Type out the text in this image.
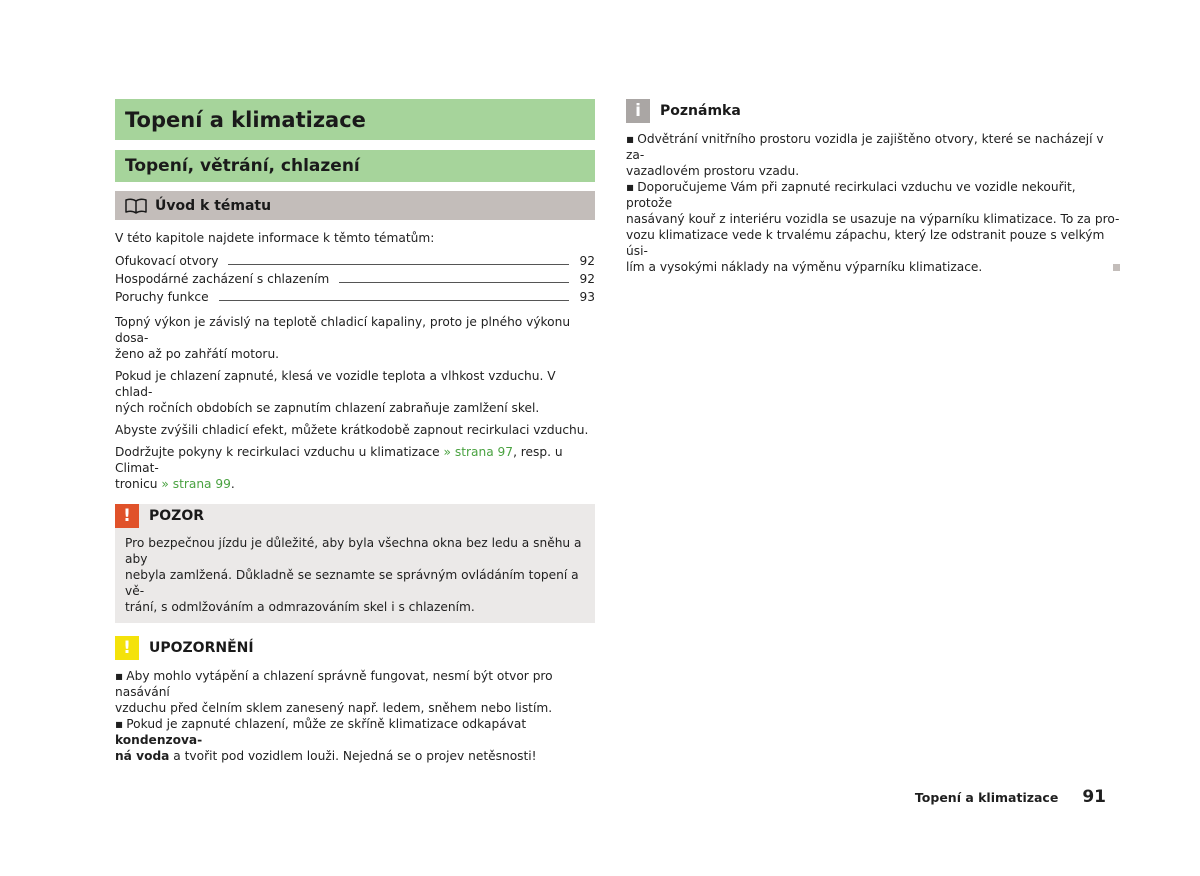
Topení a klimatizace
Topení, větrání, chlazení
Úvod k tématu

V této kapitole najdete informace k těmto tématům:

Ofukovací otvory	92
Hospodárné zacházení s chlazením	92
Poruchy funkce	93

Topný výkon je závislý na teplotě chladicí kapaliny, proto je plného výkonu dosa-
ženo až po zahřátí motoru.

Pokud je chlazení zapnuté, klesá ve vozidle teplota a vlhkost vzduchu. V chlad-
ných ročních obdobích se zapnutím chlazení zabraňuje zamlžení skel.

Abyste zvýšili chladicí efekt, můžete krátkodobě zapnout recirkulaci vzduchu.

Dodržujte pokyny k recirkulaci vzduchu u klimatizace » strana 97, resp. u Climat-
tronicu » strana 99.

!	POZOR

Pro bezpečnou jízdu je důležité, aby byla všechna okna bez ledu a sněhu a aby
nebyla zamlžená. Důkladně se seznamte se správným ovládáním topení a vě-
trání, s odmlžováním a odmrazováním skel i s chlazením.

!	UPOZORNĚNÍ

▪ Aby mohlo vytápění a chlazení správně fungovat, nesmí být otvor pro nasávání
vzduchu před čelním sklem zanesený např. ledem, sněhem nebo listím.

▪ Pokud je zapnuté chlazení, může ze skříně klimatizace odkapávat kondenzova-
ná voda a tvořit pod vozidlem louži. Nejedná se o projev netěsnosti!

i	Poznámka

▪ Odvětrání vnitřního prostoru vozidla je zajištěno otvory, které se nacházejí v za-
vazadlovém prostoru vzadu.

▪ Doporučujeme Vám při zapnuté recirkulaci vzduchu ve vozidle nekouřit, protože
nasávaný kouř z interiéru vozidla se usazuje na výparníku klimatizace. To za pro-
vozu klimatizace vede k trvalému zápachu, který lze odstranit pouze s velkým úsi-
lím a vysokými náklady na výměnu výparníku klimatizace.

Topení a klimatizace 91
